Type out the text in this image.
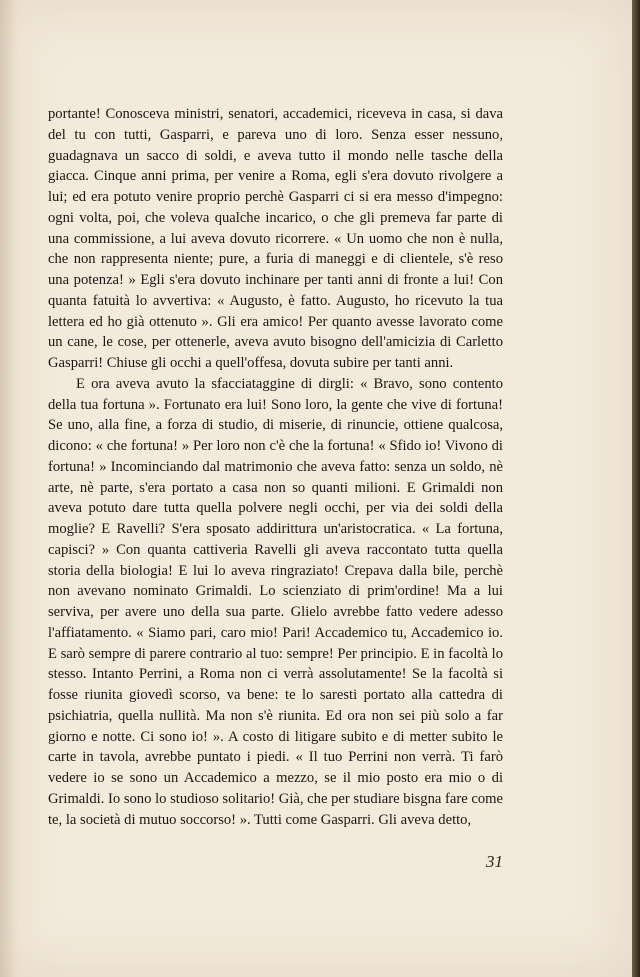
portante! Conosceva ministri, senatori, accademici, riceveva in casa, si dava del tu con tutti, Gasparri, e pareva uno di loro. Senza esser nessuno, guadagnava un sacco di soldi, e aveva tutto il mondo nelle tasche della giacca. Cinque anni prima, per venire a Roma, egli s'era dovuto rivolgere a lui; ed era potuto venire proprio perchè Gasparri ci si era messo d'impegno: ogni volta, poi, che voleva qualche incarico, o che gli premeva far parte di una commissione, a lui aveva dovuto ricorrere. « Un uomo che non è nulla, che non rappresenta niente; pure, a furia di maneggi e di clientele, s'è reso una potenza! » Egli s'era dovuto inchinare per tanti anni di fronte a lui! Con quanta fatuità lo avvertiva: « Augusto, è fatto. Augusto, ho ricevuto la tua lettera ed ho già ottenuto ». Gli era amico! Per quanto avesse lavorato come un cane, le cose, per ottenerle, aveva avuto bisogno dell'amicizia di Carletto Gasparri! Chiuse gli occhi a quell'offesa, dovuta subire per tanti anni.

E ora aveva avuto la sfacciataggine di dirgli: « Bravo, sono contento della tua fortuna ». Fortunato era lui! Sono loro, la gente che vive di fortuna! Se uno, alla fine, a forza di studio, di miserie, di rinuncie, ottiene qualcosa, dicono: « che fortuna! » Per loro non c'è che la fortuna! « Sfido io! Vivono di fortuna! » Incominciando dal matrimonio che aveva fatto: senza un soldo, nè arte, nè parte, s'era portato a casa non so quanti milioni. E Grimaldi non aveva potuto dare tutta quella polvere negli occhi, per via dei soldi della moglie? E Ravelli? S'era sposato addirittura un'aristocratica. « La fortuna, capisci? » Con quanta cattiveria Ravelli gli aveva raccontato tutta quella storia della biologia! E lui lo aveva ringraziato! Crepava dalla bile, perchè non avevano nominato Grimaldi. Lo scienziato di prim'ordine! Ma a lui serviva, per avere uno della sua parte. Glielo avrebbe fatto vedere adesso l'affiatamento. « Siamo pari, caro mio! Pari! Accademico tu, Accademico io. E sarò sempre di parere contrario al tuo: sempre! Per principio. E in facoltà lo stesso. Intanto Perrini, a Roma non ci verrà assolutamente! Se la facoltà si fosse riunita giovedì scorso, va bene: te lo saresti portato alla cattedra di psichiatria, quella nullità. Ma non s'è riunita. Ed ora non sei più solo a far giorno e notte. Ci sono io! ». A costo di litigare subito e di metter subito le carte in tavola, avrebbe puntato i piedi. « Il tuo Perrini non verrà. Ti farò vedere io se sono un Accademico a mezzo, se il mio posto era mio o di Grimaldi. Io sono lo studioso solitario! Già, che per studiare bisgna fare come te, la società di mutuo soccorso! ». Tutti come Gasparri. Gli aveva detto,

31
